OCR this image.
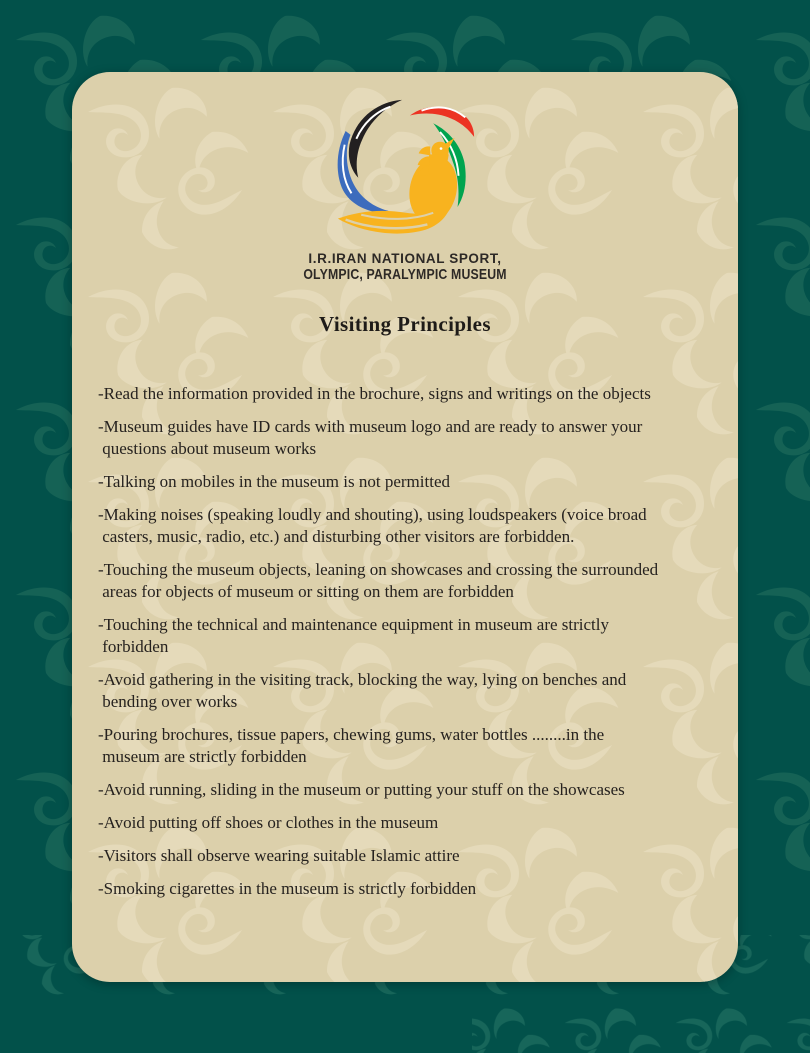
I.R.IRAN NATIONAL SPORT,
OLYMPIC, PARALYMPIC MUSEUM
Visiting Principles
-Read the information provided in the brochure, signs and writings on the objects
-Museum guides have ID cards with museum logo and are ready to answer your
questions about museum works
-Talking on mobiles in the museum is not permitted
-Making noises (speaking loudly and shouting), using loudspeakers (voice broad
casters, music, radio, etc.) and disturbing other visitors are forbidden.
-Touching the museum objects, leaning on showcases and crossing the surrounded
areas for objects of museum or sitting on them are forbidden
-Touching the technical and maintenance equipment in museum are strictly
forbidden
-Avoid gathering in the visiting track, blocking the way, lying on benches and
bending over works
-Pouring brochures, tissue papers, chewing gums, water bottles ........in the
museum are strictly forbidden
-Avoid running, sliding in the museum or putting your stuff on the showcases
-Avoid putting off shoes or clothes in the museum
-Visitors shall observe wearing suitable Islamic attire
-Smoking cigarettes in the museum is strictly forbidden
